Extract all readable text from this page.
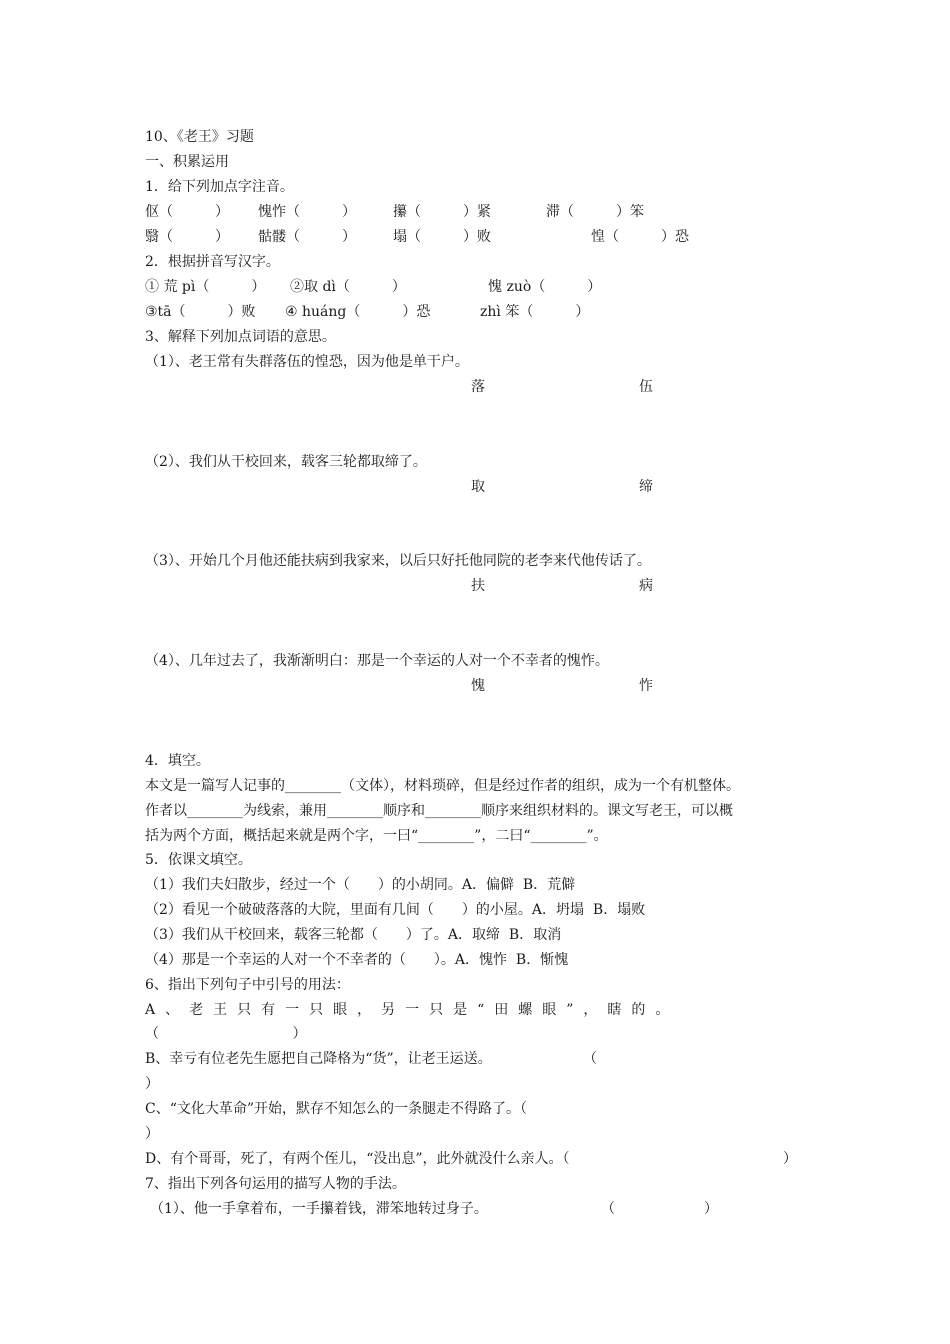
10、《老王》习题
一、积累运用
1．给下列加点字注音。
伛（　　　） 愧怍（　　　）	攥（　　　）紧	滞（　　　）笨
翳（　　　） 骷髅（　　　）	塌（　　　）败	惶（　　　）恐
2．根据拼音写汉字。
① 荒 pì（　　　） ②取 dì（　　　）	愧 zuò（　　　）
③tā（　　　）败 ④ huáng（　　　）恐	zhì 笨（　　　）
3、解释下列加点词语的意思。
（1）、老王常有失群落伍的惶恐，因为他是单干户。
落	伍
（2）、我们从干校回来，载客三轮都取缔了。
取	缔
（3）、开始几个月他还能扶病到我家来，以后只好托他同院的老李来代他传话了。
扶	病
（4）、几年过去了，我渐渐明白：那是一个幸运的人对一个不幸者的愧怍。
愧	怍
4．填空。
本文是一篇写人记事的________（文体），材料琐碎，但是经过作者的组织，成为一个有机整体。
作者以________为线索，兼用________顺序和________顺序来组织材料的。课文写老王，可以概
括为两个方面，概括起来就是两个字，一曰“________”，二曰“________”。
5．依课文填空。
（1）我们夫妇散步，经过一个（　　）的小胡同。A．偏僻  B．荒僻
（2）看见一个破破落落的大院，里面有几间（　　）的小屋。A．坍塌  B．塌败
（3）我们从干校回来，载客三轮都（　　）了。A．取缔  B．取消
（4）那是一个幸运的人对一个不幸者的（　　）。A．愧怍  B．惭愧
6、指出下列句子中引号的用法：
A、老王只有一只眼，另一只是“田螺眼”，瞎的。
（                              ）
B、幸亏有位老先生愿把自己降格为“货”，让老王运送。	（
）
C、“文化大革命”开始，默存不知怎么的一条腿走不得路了。（
）
D、有个哥哥，死了，有两个侄儿，“没出息”，此外就没什么亲人。（	）
7、指出下列各句运用的描写人物的手法。
（1）、他一手拿着布，一手攥着钱，滞笨地转过身子。	（                    ）
